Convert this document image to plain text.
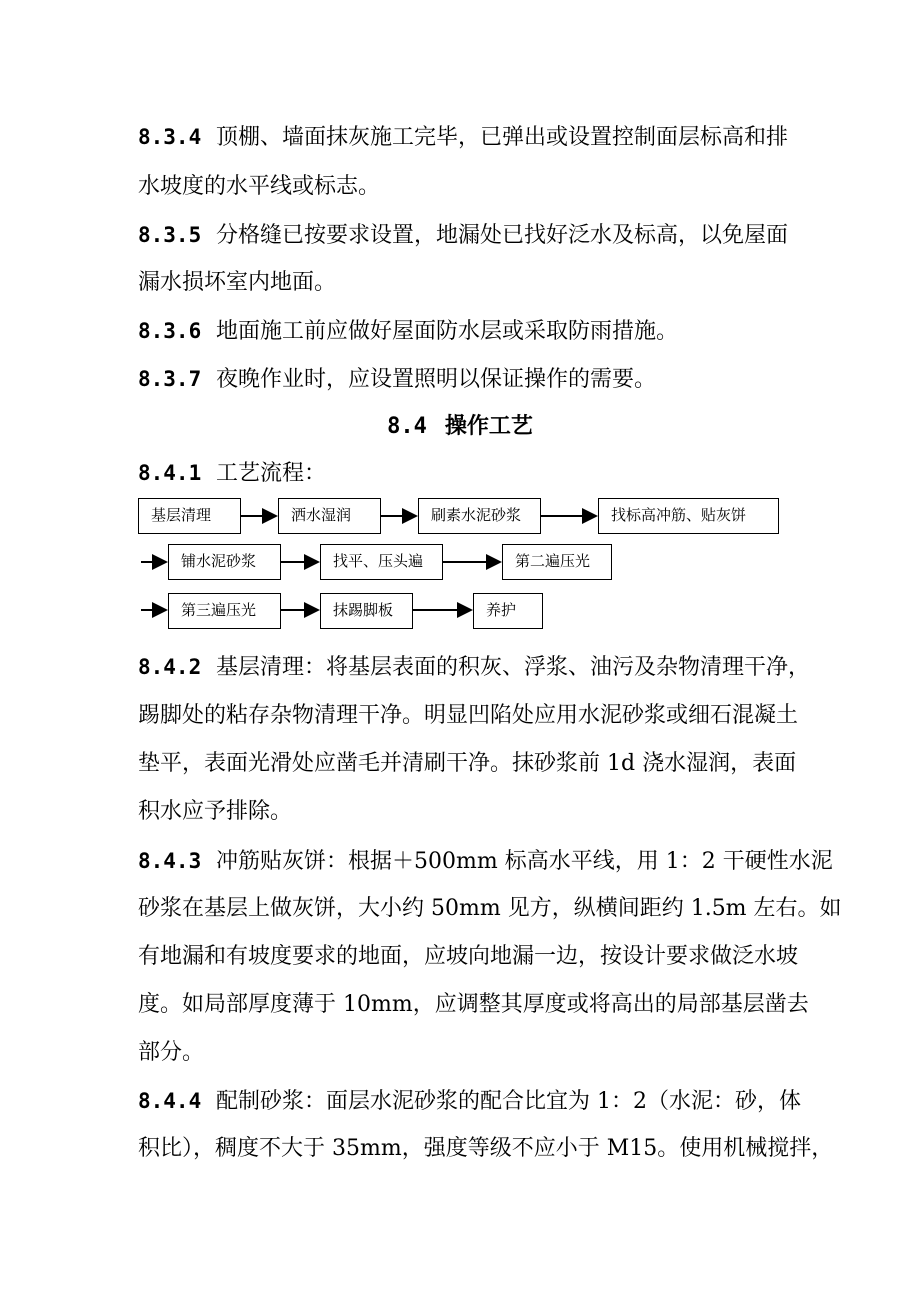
8.3.4 顶棚、墙面抹灰施工完毕，已弹出或设置控制面层标高和排
水坡度的水平线或标志。
8.3.5 分格缝已按要求设置，地漏处已找好泛水及标高，以免屋面
漏水损坏室内地面。
8.3.6 地面施工前应做好屋面防水层或采取防雨措施。
8.3.7 夜晚作业时，应设置照明以保证操作的需要。
8.4 操作工艺
8.4.1 工艺流程：
基层清理	洒水湿润	刷素水泥砂浆	找标高冲筋、贴灰饼
铺水泥砂浆	找平、压头遍	第二遍压光
第三遍压光	抹踢脚板	养护
8.4.2 基层清理：将基层表面的积灰、浮浆、油污及杂物清理干净，
踢脚处的粘存杂物清理干净。明显凹陷处应用水泥砂浆或细石混凝土
垫平，表面光滑处应凿毛并清刷干净。抹砂浆前 1d 浇水湿润，表面
积水应予排除。
8.4.3 冲筋贴灰饼：根据＋500mm 标高水平线，用 1：2 干硬性水泥
砂浆在基层上做灰饼，大小约 50mm 见方，纵横间距约 1.5m 左右。如
有地漏和有坡度要求的地面，应坡向地漏一边，按设计要求做泛水坡
度。如局部厚度薄于 10mm，应调整其厚度或将高出的局部基层凿去
部分。
8.4.4 配制砂浆：面层水泥砂浆的配合比宜为 1：2（水泥：砂，体
积比），稠度不大于 35mm，强度等级不应小于 M15。使用机械搅拌，
